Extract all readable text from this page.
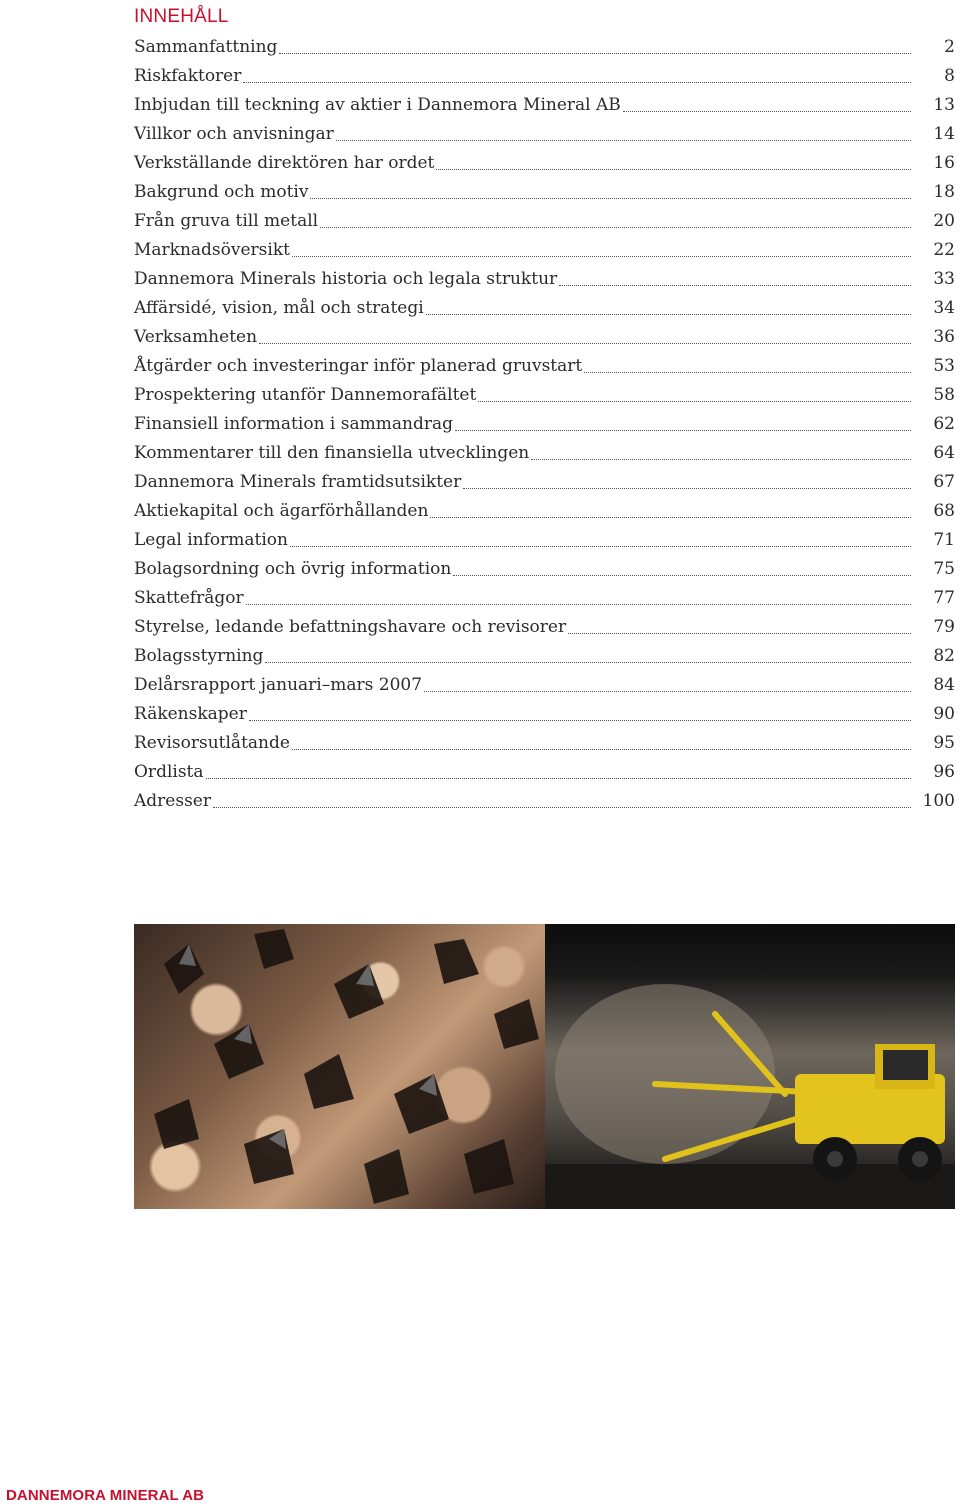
INNEHÅLL
Sammanfattning	2
Riskfaktorer	8
Inbjudan till teckning av aktier i Dannemora Mineral AB	13
Villkor och anvisningar	14
Verkställande direktören har ordet	16
Bakgrund och motiv	18
Från gruva till metall	20
Marknadsöversikt	22
Dannemora Minerals historia och legala struktur	33
Affärsidé, vision, mål och strategi	34
Verksamheten	36
Åtgärder och investeringar inför planerad gruvstart	53
Prospektering utanför Dannemorafältet	58
Finansiell information i sammandrag	62
Kommentarer till den finansiella utvecklingen	64
Dannemora Minerals framtidsutsikter	67
Aktiekapital och ägarförhållanden	68
Legal information	71
Bolagsordning och övrig information	75
Skattefrågor	77
Styrelse, ledande befattningshavare och revisorer	79
Bolagsstyrning	82
Delårsrapport januari–mars 2007	84
Räkenskaper	90
Revisorsutlåtande	95
Ordlista	96
Adresser	100

DANNEMORA MINERAL AB
